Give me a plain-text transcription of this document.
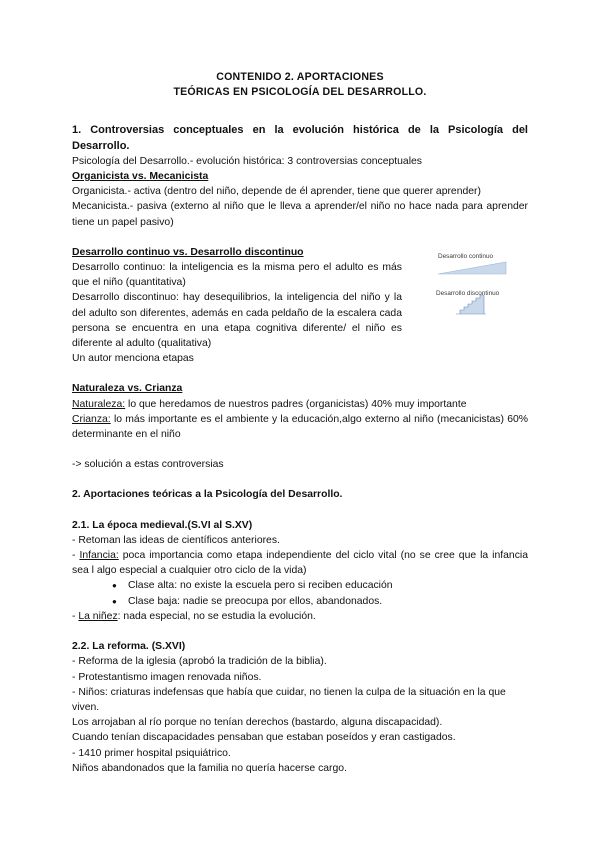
CONTENIDO 2. APORTACIONES
TEÓRICAS EN PSICOLOGÍA DEL DESARROLLO.
1. Controversias conceptuales en la evolución histórica de la Psicología del Desarrollo.
Psicología del Desarrollo.- evolución histórica: 3 controversias conceptuales
Organicista vs. Mecanicista
Organicista.- activa (dentro del niño, depende de él aprender, tiene que querer aprender)
Mecanicista.- pasiva (externo al niño que le lleva a aprender/el niño no hace nada para aprender tiene un papel pasivo)
Desarrollo continuo vs. Desarrollo discontinuo
Desarrollo continuo: la inteligencia es la misma pero el adulto es más que el niño (quantitativa)
Desarrollo discontinuo: hay desequilibrios, la inteligencia del niño y la del adulto son diferentes, además en cada peldaño de la escalera cada persona se encuentra en una etapa cognitiva diferente/ el niño es diferente al adulto (qualitativa)
Un autor menciona etapas
Naturaleza vs. Crianza
Naturaleza: lo que heredamos de nuestros padres (organicistas) 40% muy importante
Crianza: lo más importante es el ambiente y la educación,algo externo al niño (mecanicistas) 60% determinante en el niño
-> solución a estas controversias
2. Aportaciones teóricas a la Psicología del Desarrollo.
2.1. La época medieval.(S.VI al S.XV)
- Retoman las ideas de científicos anteriores.
- Infancia: poca importancia como etapa independiente del ciclo vital (no se cree que la infancia sea l algo especial a cualquier otro ciclo de la vida)
● Clase alta: no existe la escuela pero si reciben educación
● Clase baja: nadie se preocupa por ellos, abandonados.
- La niñez: nada especial, no se estudia la evolución.
2.2. La reforma. (S.XVI)
- Reforma de la iglesia (aprobó la tradición de la biblia).
- Protestantismo imagen renovada niños.
- Niños: criaturas indefensas que había que cuidar, no tienen la culpa de la situación en la que viven.
Los arrojaban al río porque no tenían derechos (bastardo, alguna discapacidad).
Cuando tenían discapacidades pensaban que estaban poseídos y eran castigados.
- 1410 primer hospital psiquiátrico.
Niños abandonados que la familia no quería hacerse cargo.
Desarrollo continuo
Desarrollo discontinuo
